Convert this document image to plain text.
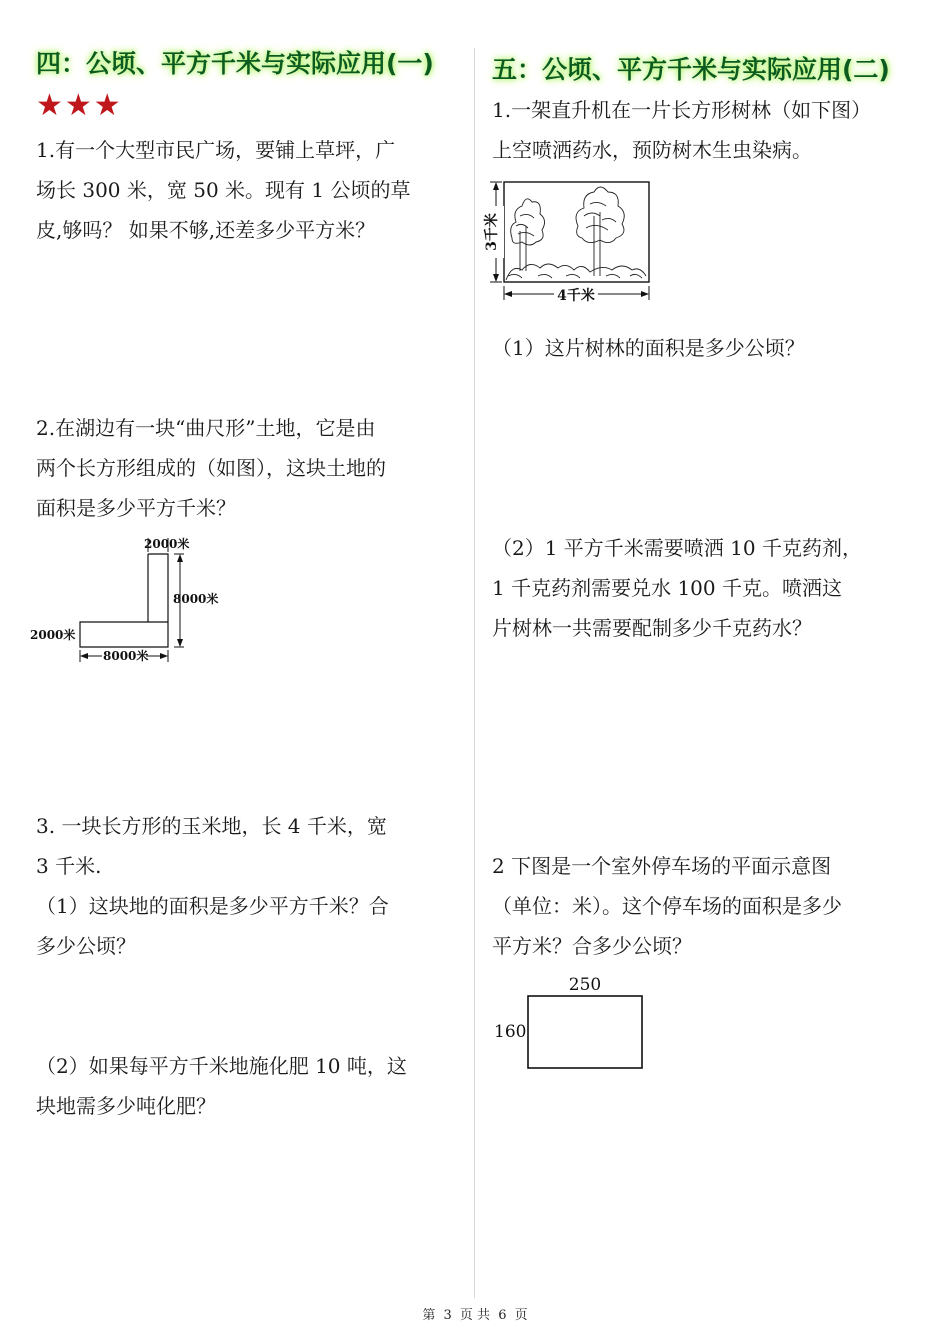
四：公顷、平方千米与实际应用(一)
★★★

1.有一个大型市民广场，要铺上草坪，广

场长 300 米，宽 50 米。现有 1 公顷的草

皮,够吗？ 如果不够,还差多少平方米？

2.在湖边有一块“曲尺形”土地，它是由

两个长方形组成的（如图），这块土地的

面积是多少平方千米？

2000米
8000米
2000米
8000米

3. 一块长方形的玉米地，长 4 千米，宽

3 千米.

（1）这块地的面积是多少平方千米？合

多少公顷？

（2）如果每平方千米地施化肥 10 吨，这

块地需多少吨化肥？

五：公顷、平方千米与实际应用(二)

1.一架直升机在一片长方形树林（如下图）

上空喷洒药水，预防树木生虫染病。

3千米
4千米

（1）这片树林的面积是多少公顷？

（2）1 平方千米需要喷洒 10 千克药剂，

1 千克药剂需要兑水 100 千克。喷洒这

片树林一共需要配制多少千克药水？

2 下图是一个室外停车场的平面示意图

（单位：米）。这个停车场的面积是多少

平方米？合多少公顷？

250
160
第 3 页 共 6 页
